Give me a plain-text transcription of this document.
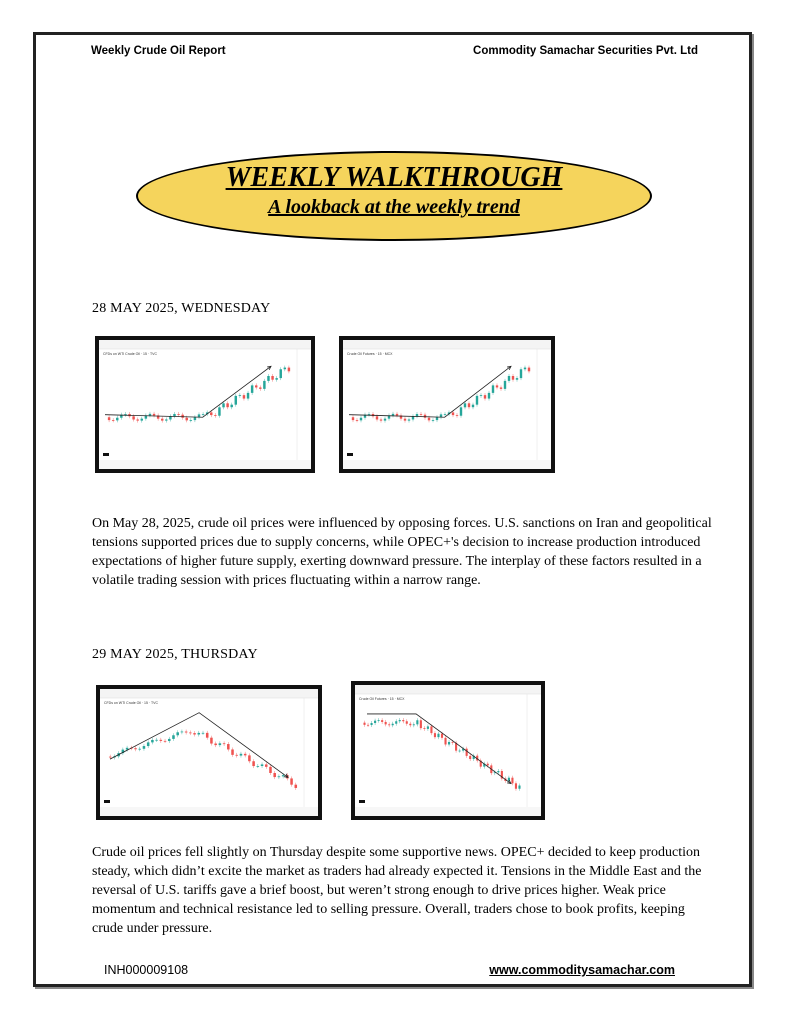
Weekly Crude Oil Report	Commodity Samachar Securities Pvt. Ltd
WEEKLY WALKTHROUGH
A lookback at the weekly trend
28 MAY 2025, WEDNESDAY
CFDs on WTI Crude Oil · 15 · TVC	Crude Oil Futures · 15 · MCX
On May 28, 2025, crude oil prices were influenced by opposing forces. U.S. sanctions on Iran and geopolitical tensions supported prices due to supply concerns, while OPEC+'s decision to increase production introduced expectations of higher future supply, exerting downward pressure. The interplay of these factors resulted in a volatile trading session with prices fluctuating within a narrow range.
29 MAY 2025, THURSDAY
CFDs on WTI Crude Oil · 15 · TVC
Crude Oil Futures · 15 · MCX
Crude oil prices fell slightly on Thursday despite some supportive news. OPEC+ decided to keep production steady, which didn’t excite the market as traders had already expected it. Tensions in the Middle East and the reversal of U.S. tariffs gave a brief boost, but weren’t strong enough to drive prices higher. Weak price momentum and technical resistance led to selling pressure. Overall, traders chose to book profits, keeping crude under pressure.
INH000009108	www.commoditysamachar.com
